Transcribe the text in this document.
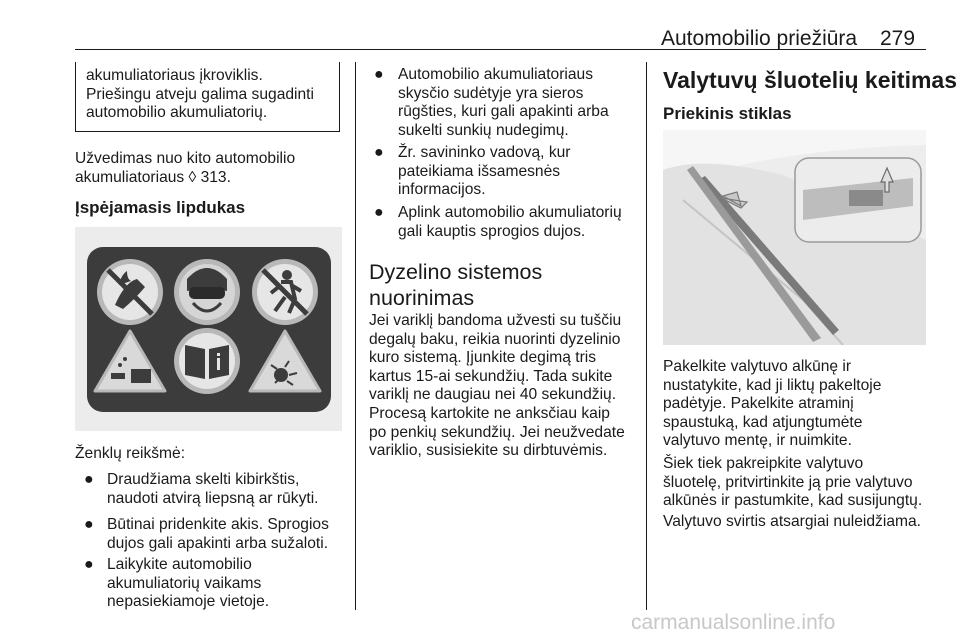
Automobilio priežiūra 279
akumuliatoriaus įkroviklis.
Priešingu atveju galima sugadinti
automobilio akumuliatorių.
Užvedimas nuo kito automobilio
akumuliatoriaus ◊ 313.
Įspėjamasis lipdukas
Ženklų reikšmė:
● Draudžiama skelti kibirkštis,
naudoti atvirą liepsną ar rūkyti.
● Būtinai pridenkite akis. Sprogios
dujos gali apakinti arba sužaloti.
● Laikykite automobilio
akumuliatorių vaikams
nepasiekiamoje vietoje.
● Automobilio akumuliatoriaus
skysčio sudėtyje yra sieros
rūgšties, kuri gali apakinti arba
sukelti sunkių nudegimų.
● Žr. savininko vadovą, kur
pateikiama išsamesnės
informacijos.
● Aplink automobilio akumuliatorių
gali kauptis sprogios dujos.
Dyzelino sistemos
nuorinimas
Jei variklį bandoma užvesti su tuščiu
degalų baku, reikia nuorinti dyzelinio
kuro sistemą. Įjunkite degimą tris
kartus 15-ai sekundžių. Tada sukite
variklį ne daugiau nei 40 sekundžių.
Procesą kartokite ne anksčiau kaip
po penkių sekundžių. Jei neužvedate
variklio, susisiekite su dirbtuvėmis.
Valytuvų šluotelių keitimas
Priekinis stiklas
Pakelkite valytuvo alkūnę ir
nustatykite, kad ji liktų pakeltoje
padėtyje. Pakelkite atraminį
spaustuką, kad atjungtumėte
valytuvo mentę, ir nuimkite.
Šiek tiek pakreipkite valytuvo
šluotelę, pritvirtinkite ją prie valytuvo
alkūnės ir pastumkite, kad susijungtų.
Valytuvo svirtis atsargiai nuleidžiama.
carmanualsonline.info
